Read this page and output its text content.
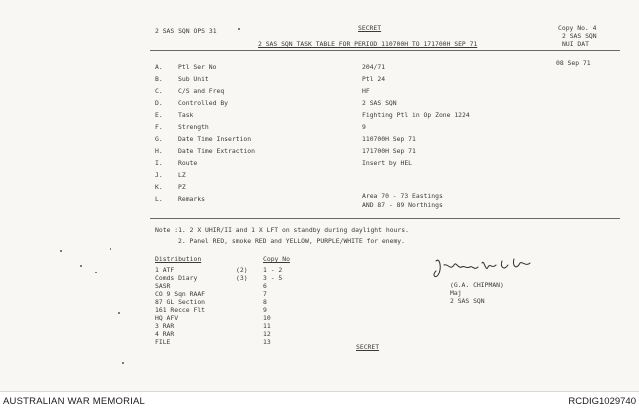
2 SAS SQN OPS 31	SECRET
2 SAS SQN TASK TABLE FOR PERIOD 110700H TO 171700H SEP 71
Copy No. 4
2 SAS SQN
NUI DAT
08 Sep 71
A. Ptl Ser No	204/71
B. Sub Unit	Ptl 24
C. C/S and Freq	HF
D. Controlled By	2 SAS SQN
E. Task	Fighting Ptl in Op Zone 1224
F. Strength	9
G. Date Time Insertion	110700H Sep 71
H. Date Time Extraction	171700H Sep 71
I. Route	Insert by HEL
J. LZ
K. PZ
L. Remarks	Area 70 - 73 Eastings
AND 87 - 89 Northings
Note :1. 2 X UHIR/II and 1 X LFT on standby during daylight hours.
2. Panel RED, smoke RED and YELLOW, PURPLE/WHITE for enemy.
Distribution	Copy No
1 ATF	(2) 1 - 2
Comds Diary	(3) 3 - 5
SASR	6
CO 9 Sqn RAAF	7
87 GL Section	8
161 Recce Flt	9
HQ AFV	10
3 RAR	11
4 RAR	12
FILE	13
(G.A. CHIPMAN)
Maj
2 SAS SQN
SECRET
AUSTRALIAN WAR MEMORIAL	RCDIG1029740
